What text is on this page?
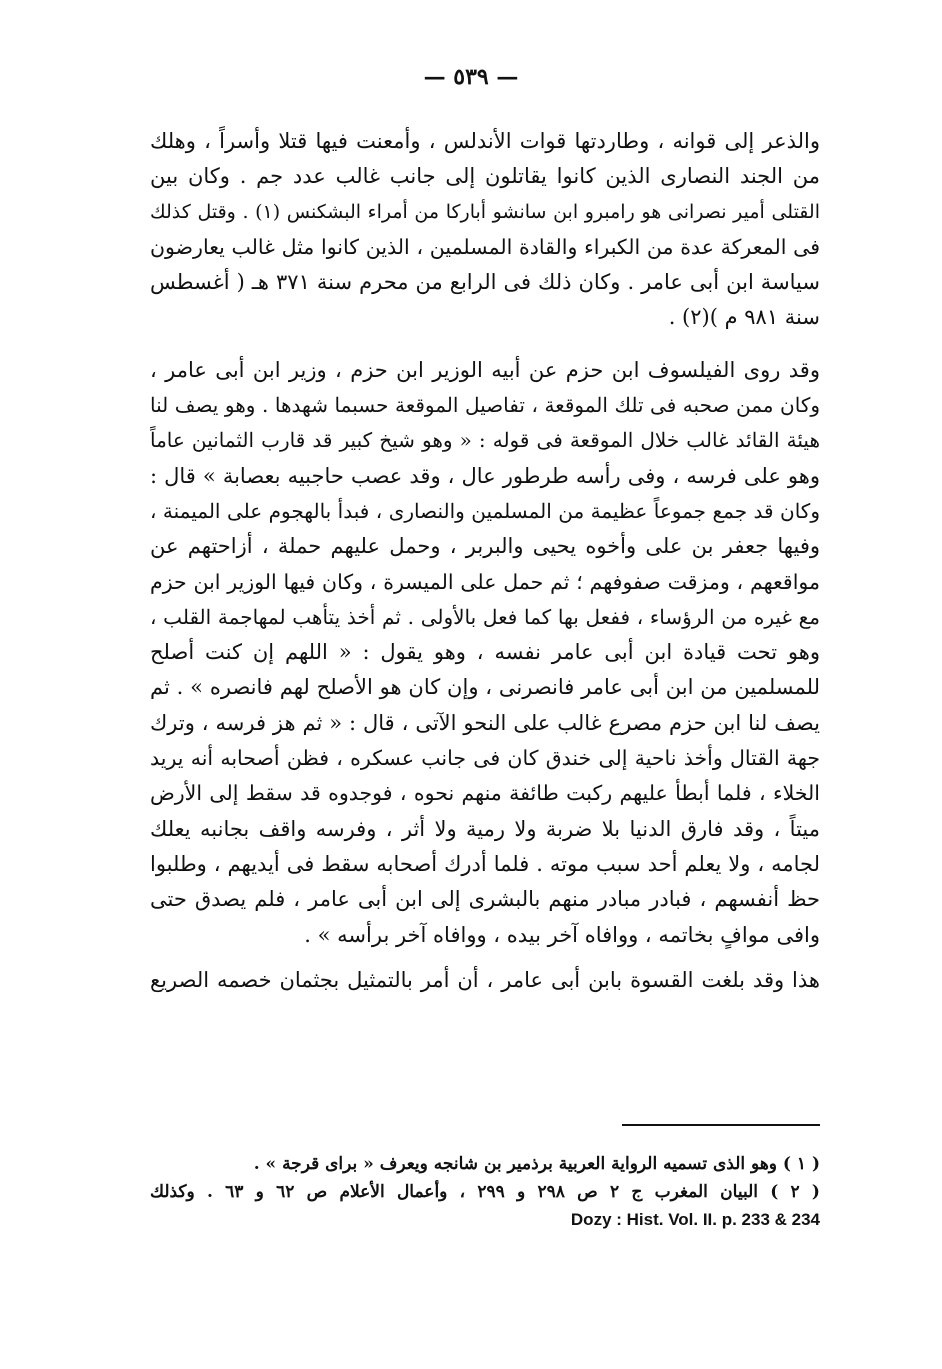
— ٥٣٩ —
والذعر إلى قوانه ، وطاردتها قوات الأندلس ، وأمعنت فيها قتلا وأسراً ، وهلك
من الجند النصارى الذين كانوا يقاتلون إلى جانب غالب عدد جم . وكان بين
القتلى أمير نصرانى هو رامبرو ابن سانشو أباركا من أمراء البشكنس (١) . وقتل كذلك
فى المعركة عدة من الكبراء والقادة المسلمين ، الذين كانوا مثل غالب يعارضون
سياسة ابن أبى عامر . وكان ذلك فى الرابع من محرم سنة ٣٧١ هـ ( أغسطس
سنة ٩٨١ م )(٢) .
وقد روى الفيلسوف ابن حزم عن أبيه الوزير ابن حزم ، وزير ابن أبى عامر ،
وكان ممن صحبه فى تلك الموقعة ، تفاصيل الموقعة حسبما شهدها . وهو يصف لنا
هيئة القائد غالب خلال الموقعة فى قوله : « وهو شيخ كبير قد قارب الثمانين عاماً
وهو على فرسه ، وفى رأسه طرطور عال ، وقد عصب حاجبيه بعصابة » قال :
وكان قد جمع جموعاً عظيمة من المسلمين والنصارى ، فبدأ بالهجوم على الميمنة ،
وفيها جعفر بن على وأخوه يحيى والبربر ، وحمل عليهم حملة ، أزاحتهم عن
مواقعهم ، ومزقت صفوفهم ؛ ثم حمل على الميسرة ، وكان فيها الوزير ابن حزم
مع غيره من الرؤساء ، ففعل بها كما فعل بالأولى . ثم أخذ يتأهب لمهاجمة القلب ،
وهو تحت قيادة ابن أبى عامر نفسه ، وهو يقول : « اللهم إن كنت أصلح
للمسلمين من ابن أبى عامر فانصرنى ، وإن كان هو الأصلح لهم فانصره » . ثم
يصف لنا ابن حزم مصرع غالب على النحو الآتى ، قال : « ثم هز فرسه ، وترك
جهة القتال وأخذ ناحية إلى خندق كان فى جانب عسكره ، فظن أصحابه أنه يريد
الخلاء ، فلما أبطأ عليهم ركبت طائفة منهم نحوه ، فوجدوه قد سقط إلى الأرض
ميتاً ، وقد فارق الدنيا بلا ضربة ولا رمية ولا أثر ، وفرسه واقف بجانبه يعلك
لجامه ، ولا يعلم أحد سبب موته . فلما أدرك أصحابه سقط فى أيديهم ، وطلبوا
حظ أنفسهم ، فبادر مبادر منهم بالبشرى إلى ابن أبى عامر ، فلم يصدق حتى
وافى موافٍ بخاتمه ، ووافاه آخر بيده ، ووافاه آخر برأسه » .
هذا وقد بلغت القسوة بابن أبى عامر ، أن أمر بالتمثيل بجثمان خصمه الصريع
( ١ ) وهو الذى تسميه الرواية العربية برذمير بن شانجه ويعرف « براى قرجة » .
( ٢ ) البيان المغرب ج ٢ ص ٢٩٨ و ٢٩٩ ، وأعمال الأعلام ص ٦٢ و ٦٣ . وكذلك
Dozy : Hist. Vol. II. p. 233 & 234
